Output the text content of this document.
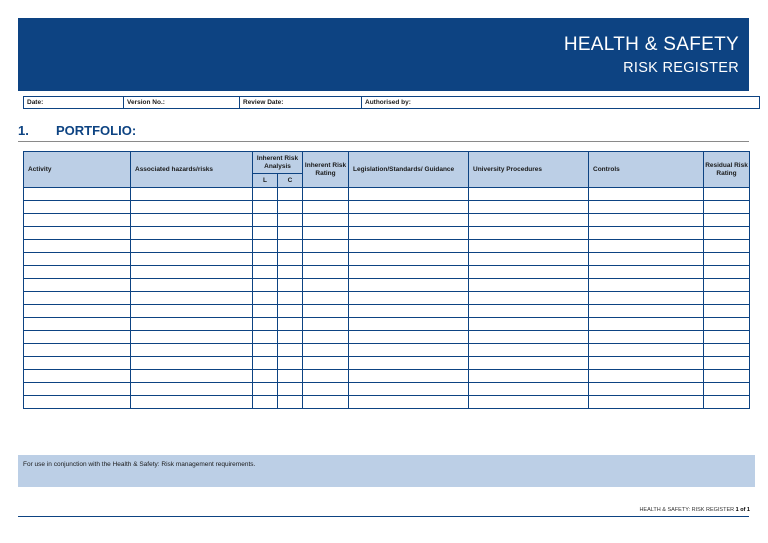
HEALTH & SAFETY
RISK REGISTER
Date:	Version No.:	Review Date:	Authorised by:
1. PORTFOLIO:
Activity	Associated hazards/risks	Inherent Risk Analysis		Inherent Risk Rating	Legislation/Standards/ Guidance	University Procedures	Controls	Residual Risk Rating
		L	C					

For use in conjunction with the Health & Safety: Risk management requirements.
HEALTH & SAFETY: RISK REGISTER 1 of 1
